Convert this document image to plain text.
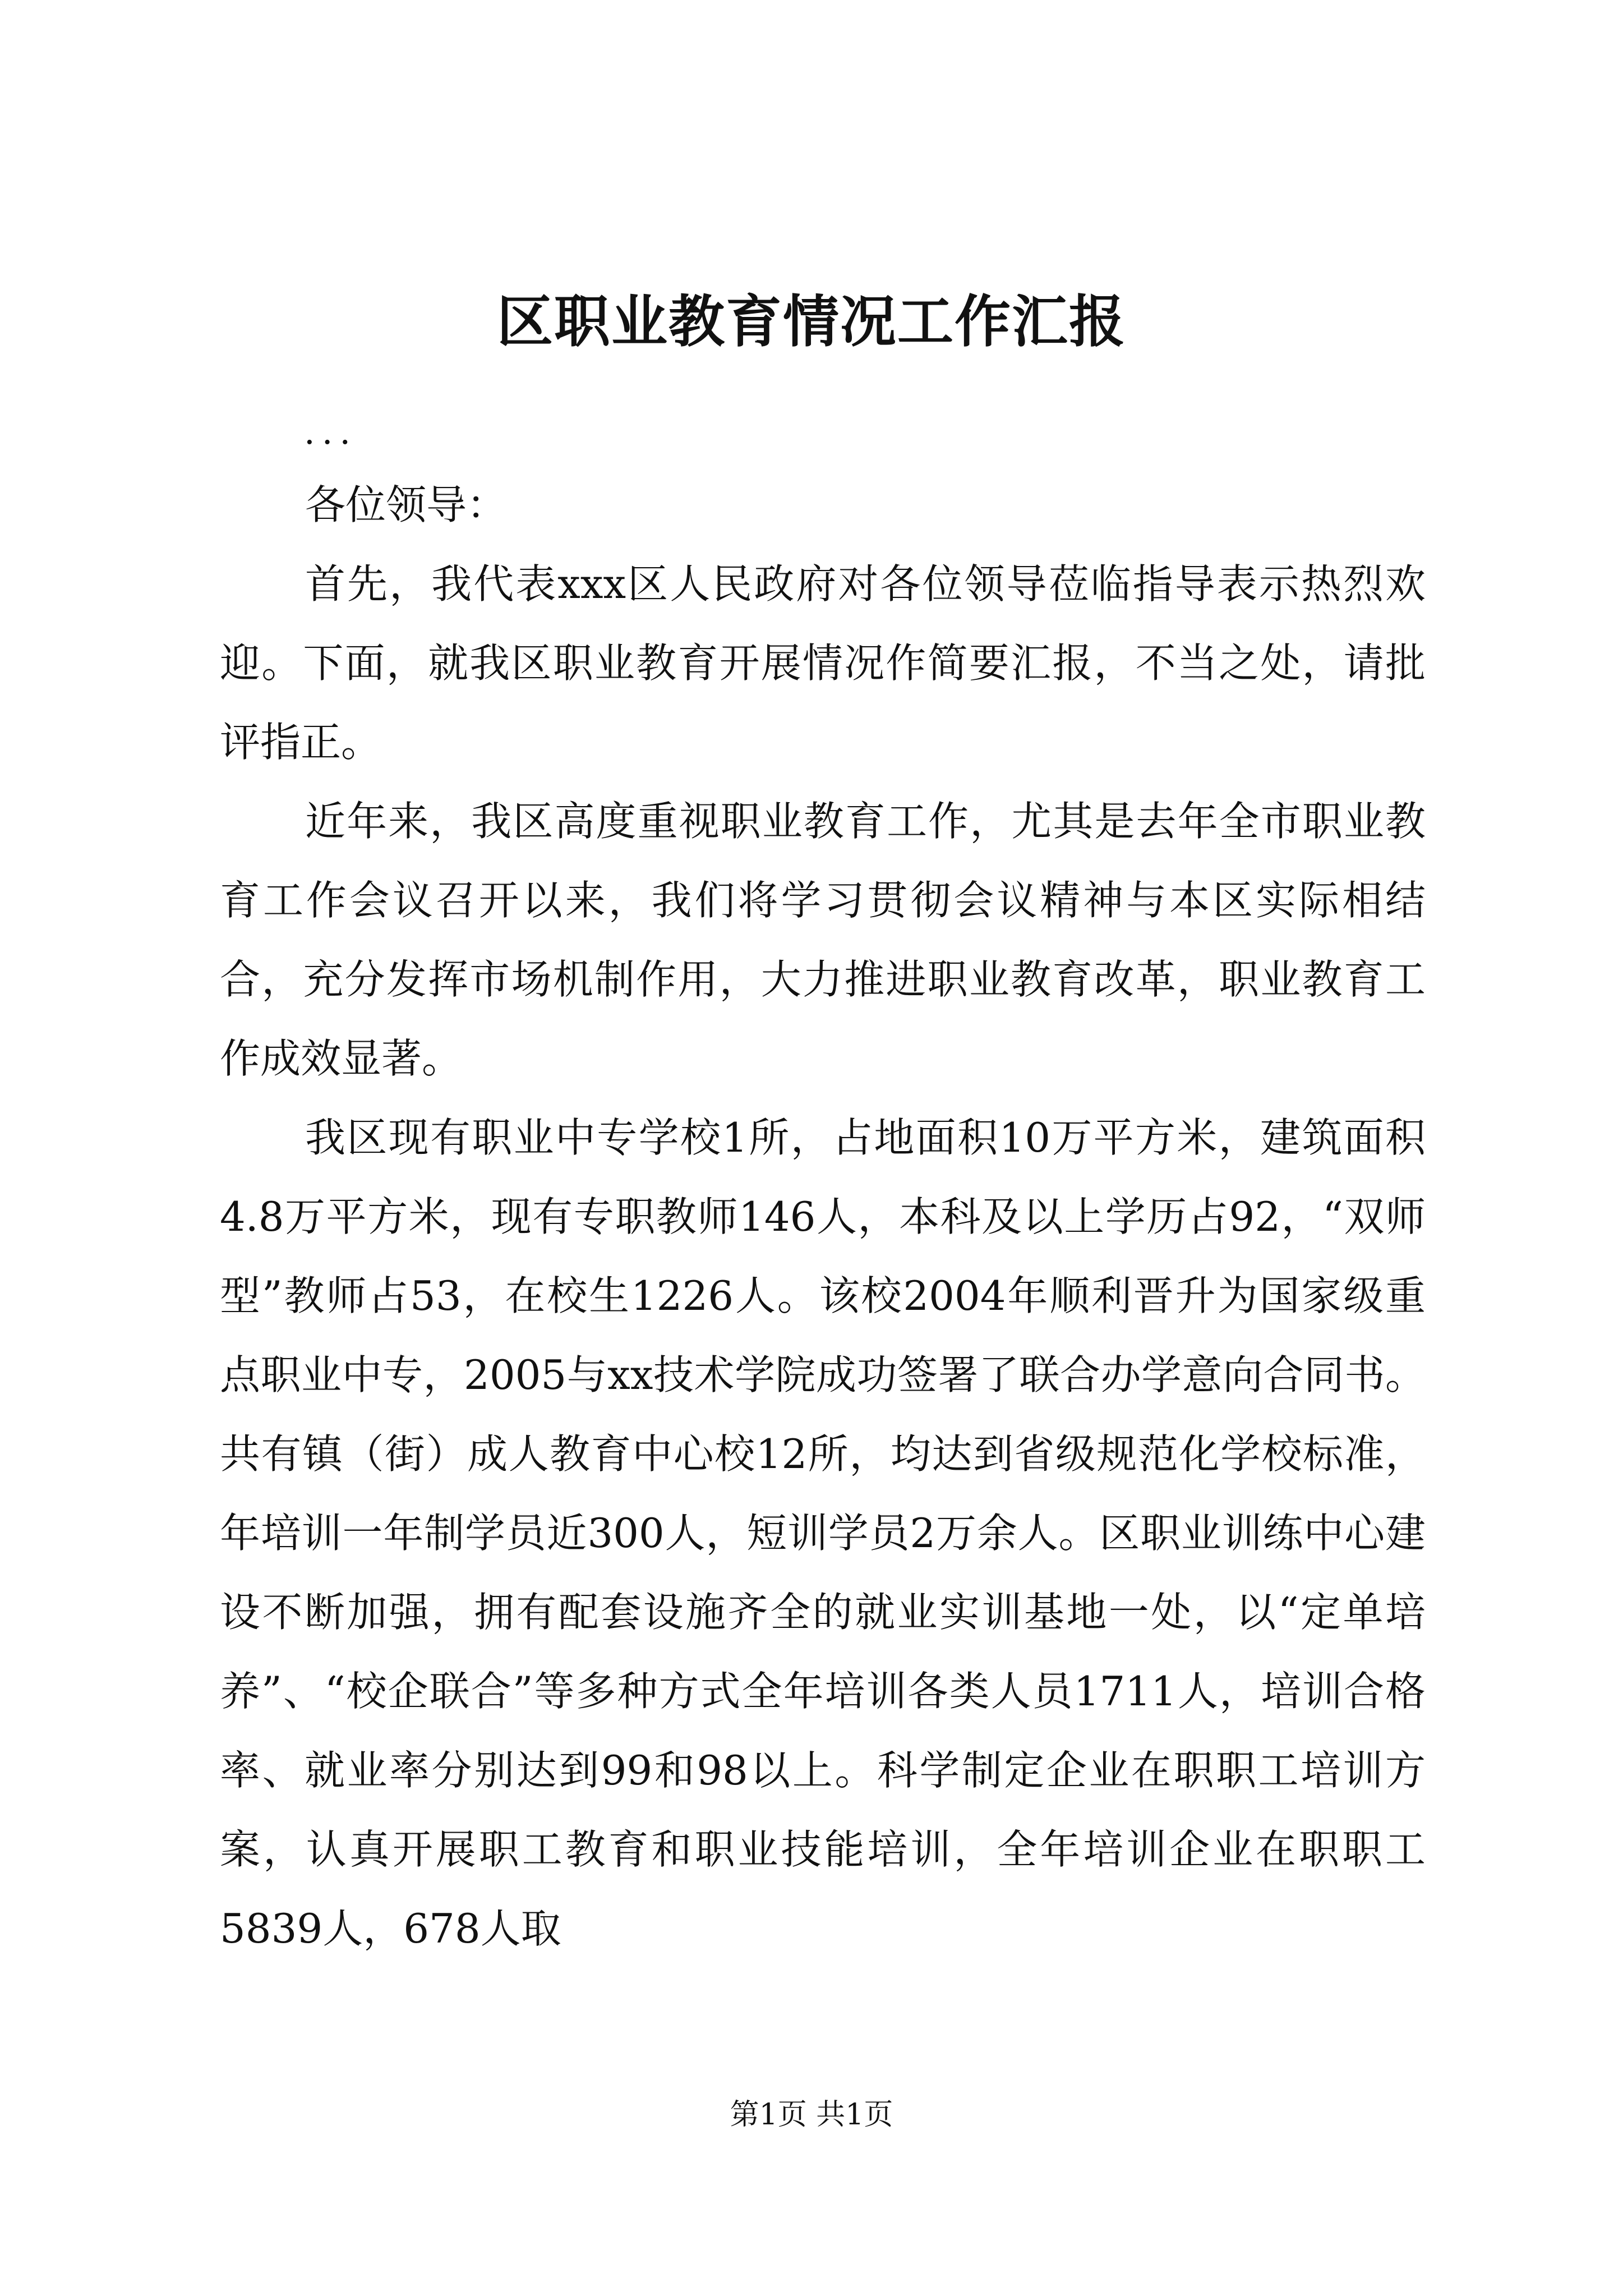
区职业教育情况工作汇报
...

各位领导：

首先，我代表xxx区人民政府对各位领导莅临指导表示热烈欢迎。下面，就我区职业教育开展情况作简要汇报，不当之处，请批评指正。

近年来，我区高度重视职业教育工作，尤其是去年全市职业教育工作会议召开以来，我们将学习贯彻会议精神与本区实际相结合，充分发挥市场机制作用，大力推进职业教育改革，职业教育工作成效显著。

我区现有职业中专学校1所，占地面积10万平方米，建筑面积4.8万平方米，现有专职教师146人，本科及以上学历占92，“双师型”教师占53，在校生1226人。该校2004年顺利晋升为国家级重点职业中专，2005与xx技术学院成功签署了联合办学意向合同书。共有镇（街）成人教育中心校12所，均达到省级规范化学校标准，年培训一年制学员近300人，短训学员2万余人。区职业训练中心建设不断加强，拥有配套设施齐全的就业实训基地一处，以“定单培养”、“校企联合”等多种方式全年培训各类人员1711人，培训合格率、就业率分别达到99和98以上。科学制定企业在职职工培训方案，认真开展职工教育和职业技能培训，全年培训企业在职职工5839人，678人取

第1页 共1页
